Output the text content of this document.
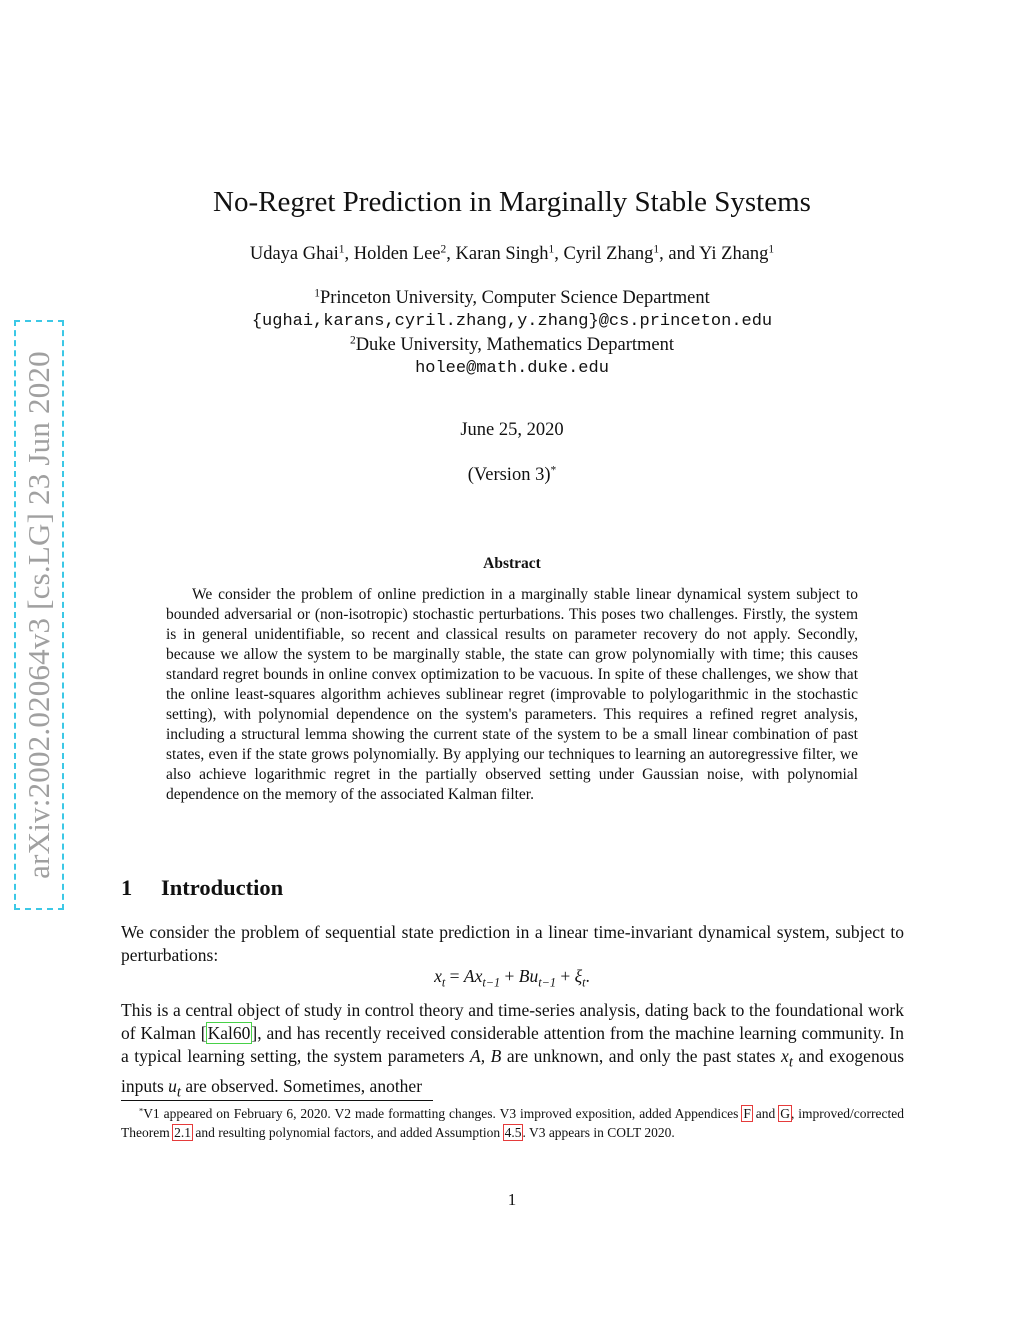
arXiv:2002.02064v3 [cs.LG] 23 Jun 2020
No-Regret Prediction in Marginally Stable Systems
Udaya Ghai$^1$, Holden Lee$^2$, Karan Singh$^1$, Cyril Zhang$^1$, and Yi Zhang$^1$
$^1$Princeton University, Computer Science Department
{ughai,karans,cyril.zhang,y.zhang}@cs.princeton.edu
$^2$Duke University, Mathematics Department
holee@math.duke.edu
June 25, 2020
(Version 3)*
Abstract
We consider the problem of online prediction in a marginally stable linear dynamical system subject to bounded adversarial or (non-isotropic) stochastic perturbations. This poses two challenges. Firstly, the system is in general unidentifiable, so recent and classical results on parameter recovery do not apply. Secondly, because we allow the system to be marginally stable, the state can grow polynomially with time; this causes standard regret bounds in online convex optimization to be vacuous. In spite of these challenges, we show that the online least-squares algorithm achieves sublinear regret (improvable to polylogarithmic in the stochastic setting), with polynomial dependence on the system's parameters. This requires a refined regret analysis, including a structural lemma showing the current state of the system to be a small linear combination of past states, even if the state grows polynomially. By applying our techniques to learning an autoregressive filter, we also achieve logarithmic regret in the partially observed setting under Gaussian noise, with polynomial dependence on the memory of the associated Kalman filter.
1 Introduction
We consider the problem of sequential state prediction in a linear time-invariant dynamical system, subject to perturbations:
$x_t = Ax_{t-1} + Bu_{t-1} + \xi_t$.
This is a central object of study in control theory and time-series analysis, dating back to the foundational work of Kalman [Kal60], and has recently received considerable attention from the machine learning community. In a typical learning setting, the system parameters A, B are unknown, and only the past states $x_t$ and exogenous inputs $u_t$ are observed. Sometimes, another
*V1 appeared on February 6, 2020. V2 made formatting changes. V3 improved exposition, added Appendices F and G, improved/corrected Theorem 2.1 and resulting polynomial factors, and added Assumption 4.5. V3 appears in COLT 2020.
1
